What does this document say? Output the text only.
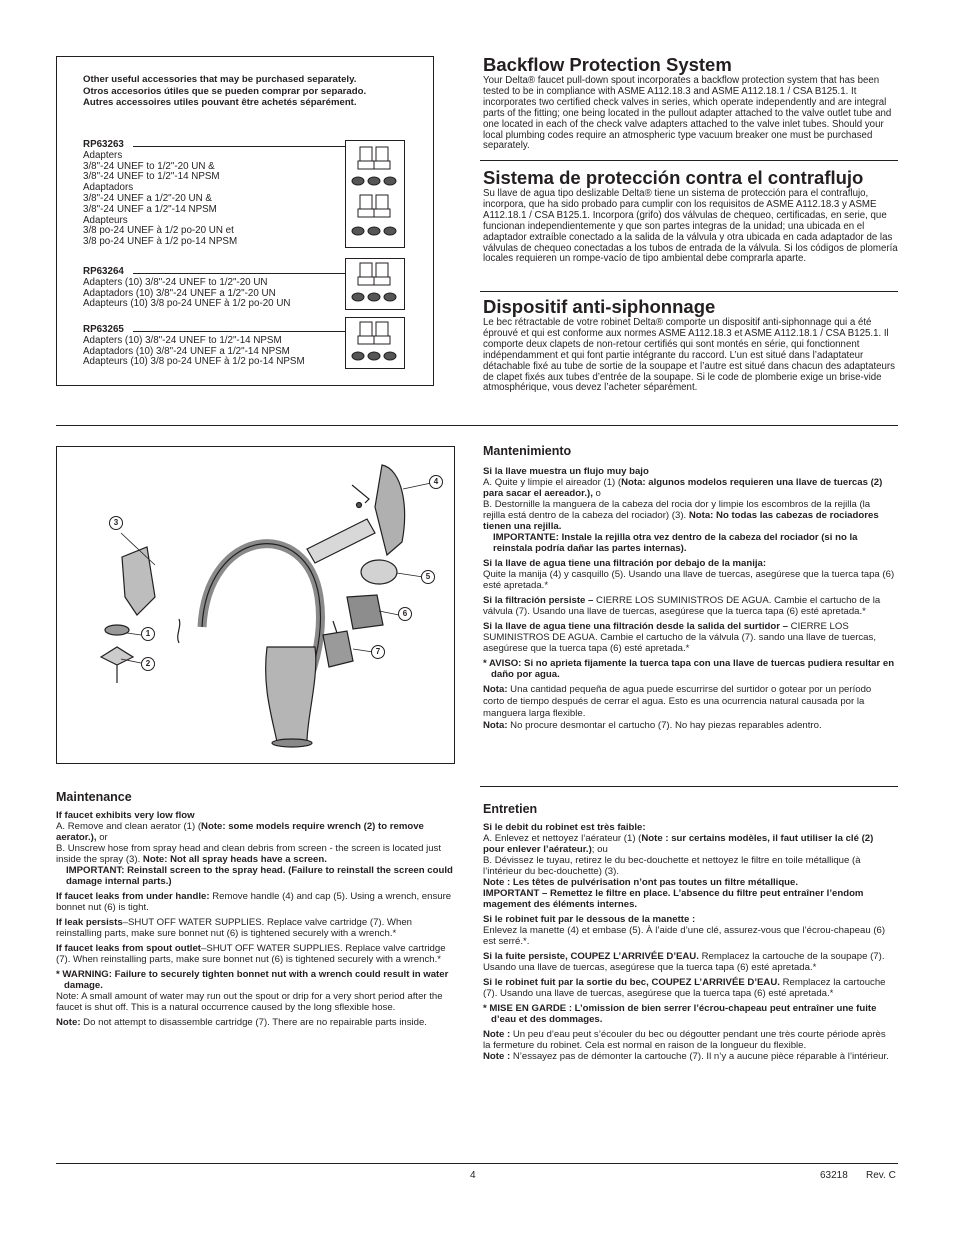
Other useful accessories that may be purchased separately.

Otros accesorios útiles que se pueden comprar por separado.

Autres accessoires utiles pouvant être achetés séparément.

RP63263

Adapters

3/8"-24 UNEF to 1/2"-20 UN &

3/8"-24 UNEF to 1/2"-14 NPSM

Adaptadors

3/8"-24 UNEF a 1/2"-20 UN &

3/8"-24 UNEF a 1/2"-14 NPSM

Adapteurs

3/8 po-24 UNEF à 1/2 po-20 UN et

3/8 po-24 UNEF à 1/2 po-14 NPSM

RP63264

Adapters (10) 3/8"-24 UNEF to 1/2"-20 UN

Adaptadors (10) 3/8"-24 UNEF a 1/2"-20 UN

Adapteurs (10) 3/8 po-24 UNEF à 1/2 po-20 UN

RP63265

Adapters (10) 3/8"-24 UNEF to 1/2"-14 NPSM

Adaptadors (10) 3/8"-24 UNEF a 1/2"-14 NPSM

Adapteurs (10) 3/8 po-24 UNEF à 1/2 po-14 NPSM

Backflow Protection System

Your Delta® faucet pull-down spout incorporates a backflow protection system that has been tested to be in compliance with ASME A112.18.3 and ASME A112.18.1 / CSA B125.1. It incorporates two certified check valves in series, which operate independently and are integral parts of the fitting; one being located in the pullout adapter attached to the valve outlet tube and one located in each of the check valve adapters attached to the valve inlet tubes. Should your local plumbing codes require an atmospheric type vacuum breaker one must be purchased separately.

Sistema de protección contra el contraflujo

Su llave de agua tipo deslizable Delta® tiene un sistema de protección para el contraflujo, incorpora, que ha sido probado para cumplir con los requisitos de ASME A112.18.3 y ASME A112.18.1 / CSA B125.1. Incorpora (grifo) dos válvulas de chequeo, certificadas, en serie, que funcionan independientemente y que son partes integras de la unidad; una ubicada en el adaptador extraíble conectado a la salida de la válvula y otra ubicada en cada adaptador de las válvulas de chequeo conectadas a los tubos de entrada de la válvula. Si los códigos de plomería locales requieren un rompe-vacío de tipo ambiental debe comprarla aparte.

Dispositif anti-siphonnage

Le bec rétractable de votre robinet Delta® comporte un dispositif anti-siphonnage qui a été éprouvé et qui est conforme aux normes ASME A112.18.3 et ASME A112.18.1 / CSA B125.1. Il comporte deux clapets de non-retour certifiés qui sont montés en série, qui fonctionnent indépendamment et qui font partie intégrante du raccord. L’un est situé dans l’adaptateur détachable fixé au tube de sortie de la soupape et l’autre est situé dans chacun des adaptateurs de clapet fixés aux tubes d’entrée de la soupape. Si le code de plomberie exige un brise-vide atmosphérique, vous devez l’acheter séparément.

3
1
2
4
5
6
7
Mantenimiento

Si la llave muestra un flujo muy bajo

A. Quite y limpie el aireador (1) (Nota: algunos modelos requieren una llave de tuercas (2) para sacar el aereador.), o

B. Destornille la manguera de la cabeza del rocia dor y limpie los escombros de la rejilla (la rejilla está dentro de la cabeza del rociador) (3). Nota: No todas las cabezas de rociadores tienen una rejilla.

IMPORTANTE: Instale la rejilla otra vez dentro de la cabeza del rociador (si no la reinstala podría dañar las partes internas).

Si la llave de agua tiene una filtración por debajo de la manija:

Quite la manija (4) y casquillo (5). Usando una llave de tuercas, asegúrese que la tuerca tapa (6) esté apretada.*

Si la filtración persiste – CIERRE LOS SUMINISTROS DE AGUA. Cambie el cartucho de la válvula (7). Usando una llave de tuercas, asegúrese que la tuerca tapa (6) esté apretada.*

Si la llave de agua tiene una filtración desde la salida del surtidor – CIERRE LOS SUMINISTROS DE AGUA. Cambie el cartucho de la válvula (7). sando una llave de tuercas, asegúrese que la tuerca tapa (6) esté apretada.*

* AVISO: Si no aprieta fijamente la tuerca tapa con una llave de tuercas pudiera resultar en daño por agua.

Nota: Una cantidad pequeña de agua puede escurrirse del surtidor o gotear por un período corto de tiempo después de cerrar el agua. Esto es una ocurrencia natural causada por la manguera larga flexible.

Nota: No procure desmontar el cartucho (7). No hay piezas reparables adentro.

Maintenance

If faucet exhibits very low flow

A. Remove and clean aerator (1) (Note: some models require wrench (2) to remove aerator.), or

B. Unscrew hose from spray head and clean debris from screen - the screen is located just inside the spray (3). Note: Not all spray heads have a screen.

IMPORTANT: Reinstall screen to the spray head. (Failure to reinstall the screen could damage internal parts.)

If faucet leaks from under handle: Remove handle (4) and cap (5). Using a wrench, ensure bonnet nut (6) is tight.

If leak persists–SHUT OFF WATER SUPPLIES. Replace valve cartridge (7). When reinstalling parts, make sure bonnet nut (6) is tightened securely with a wrench.*

If faucet leaks from spout outlet–SHUT OFF WATER SUPPLIES. Replace valve cartridge (7). When reinstalling parts, make sure bonnet nut (6) is tightened securely with a wrench.*

* WARNING: Failure to securely tighten bonnet nut with a wrench could result in water damage.

Note: A small amount of water may run out the spout or drip for a very short period after the faucet is shut off. This is a natural occurrence caused by the long sflexible hose.

Note: Do not attempt to disassemble cartridge (7). There are no repairable parts inside.

Entretien

Si le debit du robinet est très faible:

A. Enlevez et nettoyez l’aérateur (1) (Note : sur certains modèles, il faut utiliser la clé (2) pour enlever l’aérateur.); ou

B. Dévissez le tuyau, retirez le du bec-douchette et nettoyez le filtre en toile métallique (à l’intérieur du bec-douchette) (3).

Note : Les têtes de pulvérisation n’ont pas toutes un filtre métallique.

IMPORTANT – Remettez le filtre en place. L’absence du filtre peut entraîner l’endom magement des éléments internes.

Si le robinet fuit par le dessous de la manette :

Enlevez la manette (4) et embase (5). À l’aide d’une clé, assurez-vous que l’écrou-chapeau (6) est serré.*.

Si la fuite persiste, COUPEZ L’ARRIVÉE D’EAU. Remplacez la cartouche de la soupape (7). Usando una llave de tuercas, asegúrese que la tuerca tapa (6) esté apretada.*

Si le robinet fuit par la sortie du bec, COUPEZ L’ARRIVÉE D’EAU. Remplacez la cartouche (7). Usando una llave de tuercas, asegúrese que la tuerca tapa (6) esté apretada.*

* MISE EN GARDE : L’omission de bien serrer l’écrou-chapeau peut entraîner une fuite d’eau et des dommages.

Note : Un peu d’eau peut s’écouler du bec ou dégoutter pendant une très courte période après la fermeture du robinet. Cela est normal en raison de la longueur du flexible.

Note : N’essayez pas de démonter la cartouche (7). Il n’y a aucune pièce réparable à l’intérieur.

4	63218 Rev. C
